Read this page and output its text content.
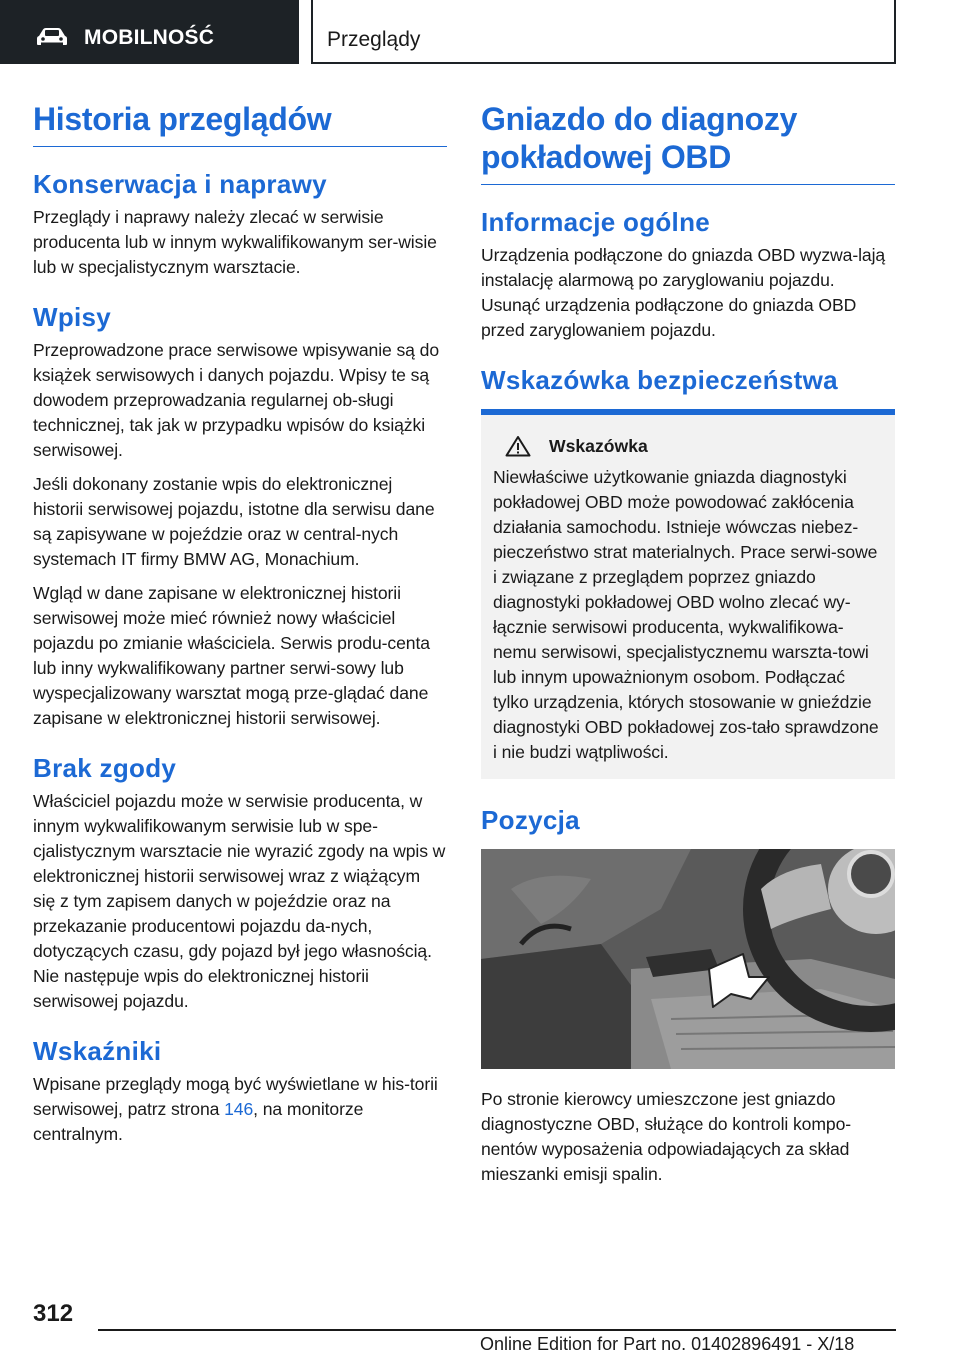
MOBILNOŚĆ	Przeglądy
Historia przeglądów
Konserwacja i naprawy

Przeglądy i naprawy należy zlecać w serwisie producenta lub w innym wykwalifikowanym ser-wisie lub w specjalistycznym warsztacie.

Wpisy

Przeprowadzone prace serwisowe wpisywanie są do książek serwisowych i danych pojazdu. Wpisy te są dowodem przeprowadzania regularnej ob-sługi technicznej, tak jak w przypadku wpisów do książki serwisowej.

Jeśli dokonany zostanie wpis do elektronicznej historii serwisowej pojazdu, istotne dla serwisu dane są zapisywane w pojeździe oraz w central-nych systemach IT firmy BMW AG, Monachium.

Wgląd w dane zapisane w elektronicznej historii serwisowej może mieć również nowy właściciel pojazdu po zmianie właściciela. Serwis produ-centa lub inny wykwalifikowany partner serwi-sowy lub wyspecjalizowany warsztat mogą prze-glądać dane zapisane w elektronicznej historii serwisowej.

Brak zgody

Właściciel pojazdu może w serwisie producenta, w innym wykwalifikowanym serwisie lub w spe-cjalistycznym warsztacie nie wyrazić zgody na wpis w elektronicznej historii serwisowej wraz z wiążącym się z tym zapisem danych w pojeździe oraz na przekazanie producentowi pojazdu da-nych, dotyczących czasu, gdy pojazd był jego własnością. Nie następuje wpis do elektronicznej historii serwisowej pojazdu.

Wskaźniki

Wpisane przeglądy mogą być wyświetlane w his-torii serwisowej, patrz strona 146, na monitorze centralnym.

Gniazdo do diagnozy pokładowej OBD
Informacje ogólne

Urządzenia podłączone do gniazda OBD wyzwa-lają instalację alarmową po zaryglowaniu pojazdu. Usunąć urządzenia podłączone do gniazda OBD przed zaryglowaniem pojazdu.

Wskazówka bezpieczeństwa
Wskazówka

Niewłaściwe użytkowanie gniazda diagnostyki pokładowej OBD może powodować zakłócenia działania samochodu. Istnieje wówczas niebez-pieczeństwo strat materialnych. Prace serwi-sowe i związane z przeglądem poprzez gniazdo diagnostyki pokładowej OBD wolno zlecać wy-łącznie serwisowi producenta, wykwalifikowa-nemu serwisowi, specjalistycznemu warszta-towi lub innym upoważnionym osobom. Podłączać tylko urządzenia, których stosowanie w gnieździe diagnostyki OBD pokładowej zos-tało sprawdzone i nie budzi wątpliwości.

Pozycja

Po stronie kierowcy umieszczone jest gniazdo diagnostyczne OBD, służące do kontroli kompo-nentów wyposażenia odpowiadających za skład mieszanki emisji spalin.

312
Online Edition for Part no. 01402896491 - X/18
